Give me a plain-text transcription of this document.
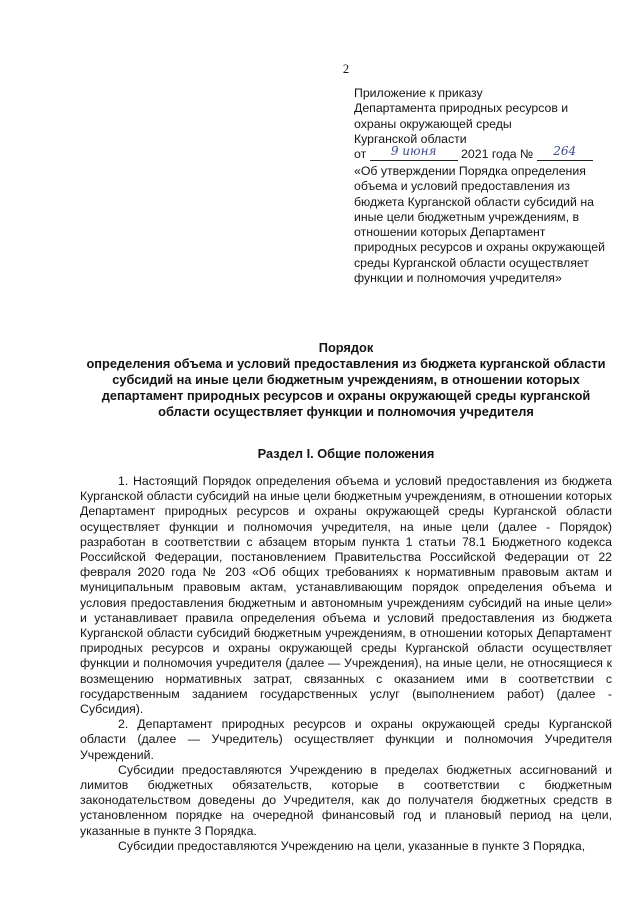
2
Приложение к приказу
Департамента природных ресурсов и
охраны окружающей среды
Курганской области
от 9 июня 2021 года № 264
«Об утверждении Порядка определения объема и условий предоставления из бюджета Курганской области субсидий на иные цели бюджетным учреждениям, в отношении которых Департамент природных ресурсов и охраны окружающей среды Курганской области осуществляет функции и полномочия учредителя»
Порядок
определения объема и условий предоставления из бюджета курганской области субсидий на иные цели бюджетным учреждениям, в отношении которых департамент природных ресурсов и охраны окружающей среды курганской области осуществляет функции и полномочия учредителя
Раздел I. Общие положения

1. Настоящий Порядок определения объема и условий предоставления из бюджета Курганской области субсидий на иные цели бюджетным учреждениям, в отношении которых Департамент природных ресурсов и охраны окружающей среды Курганской области осуществляет функции и полномочия учредителя, на иные цели (далее - Порядок) разработан в соответствии с абзацем вторым пункта 1 статьи 78.1 Бюджетного кодекса Российской Федерации, постановлением Правительства Российской Федерации от 22 февраля 2020 года № 203 «Об общих требованиях к нормативным правовым актам и муниципальным правовым актам, устанавливающим порядок определения объема и условия предоставления бюджетным и автономным учреждениям субсидий на иные цели» и устанавливает правила определения объема и условий предоставления из бюджета Курганской области субсидий бюджетным учреждениям, в отношении которых Департамент природных ресурсов и охраны окружающей среды Курганской области осуществляет функции и полномочия учредителя (далее — Учреждения), на иные цели, не относящиеся к возмещению нормативных затрат, связанных с оказанием ими в соответствии с государственным заданием государственных услуг (выполнением работ) (далее - Субсидия).

2. Департамент природных ресурсов и охраны окружающей среды Курганской области (далее — Учредитель) осуществляет функции и полномочия Учредителя Учреждений.

Субсидии предоставляются Учреждению в пределах бюджетных ассигнований и лимитов бюджетных обязательств, которые в соответствии с бюджетным законодательством доведены до Учредителя, как до получателя бюджетных средств в установленном порядке на очередной финансовый год и плановый период на цели, указанные в пункте 3 Порядка.

Субсидии предоставляются Учреждению на цели, указанные в пункте 3 Порядка,
